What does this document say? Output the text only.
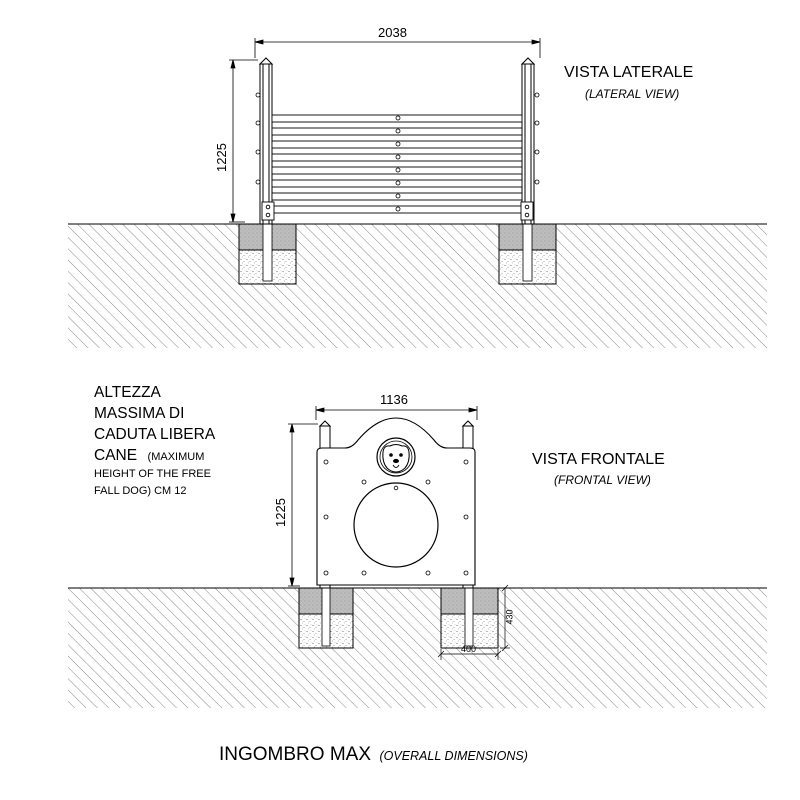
2038
1225
VISTA LATERALE
(LATERAL VIEW)
1136
1225
VISTA FRONTALE
(FRONTAL VIEW)
400
430
ALTEZZA
MASSIMA DI
CADUTA LIBERA
CANE (MAXIMUM
HEIGHT OF THE FREE
FALL DOG) CM 12
INGOMBRO MAX (OVERALL DIMENSIONS)
